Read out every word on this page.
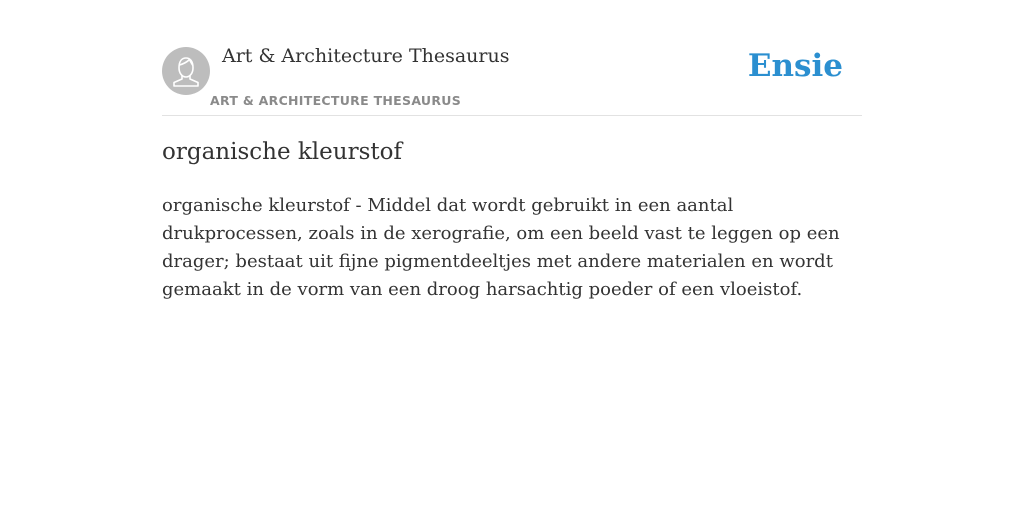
Art & Architecture Thesaurus
ART & ARCHITECTURE THESAURUS
Ensie
organische kleurstof

organische kleurstof - Middel dat wordt gebruikt in een aantal drukprocessen, zoals in de xerografie, om een beeld vast te leggen op een drager; bestaat uit fijne pigmentdeeltjes met andere materialen en wordt gemaakt in de vorm van een droog harsachtig poeder of een vloeistof.
